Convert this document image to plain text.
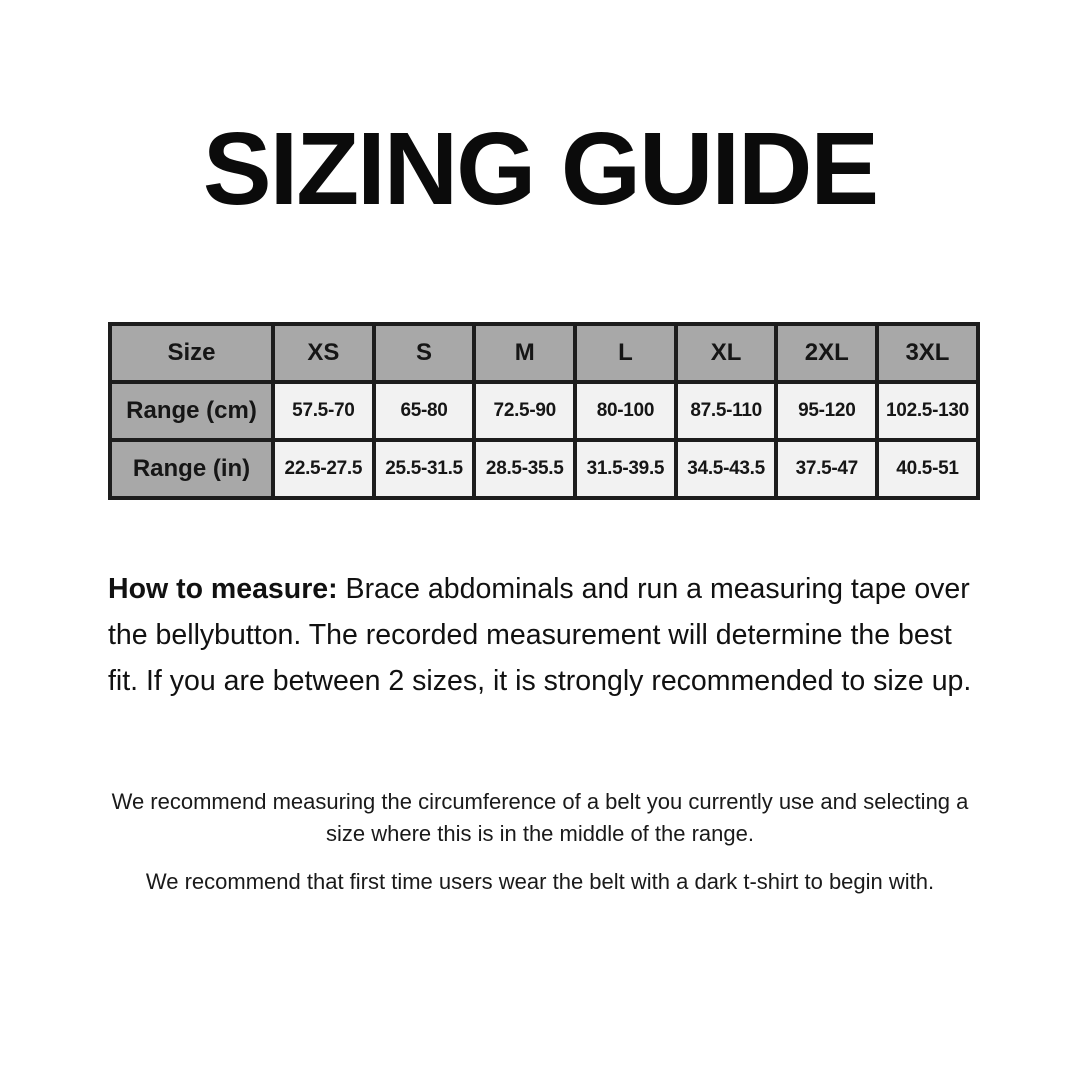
SIZING GUIDE
Size	XS	S	M	L	XL	2XL	3XL
Range (cm)	57.5-70	65-80	72.5-90	80-100	87.5-110	95-120	102.5-130
Range (in)	22.5-27.5	25.5-31.5	28.5-35.5	31.5-39.5	34.5-43.5	37.5-47	40.5-51
How to measure: Brace abdominals and run a measuring tape over the bellybutton. The recorded measurement will determine the best fit. If you are between 2 sizes, it is strongly recommended to size up.
We recommend measuring the circumference of a belt you currently use and selecting a size where this is in the middle of the range.
We recommend that first time users wear the belt with a dark t-shirt to begin with.
